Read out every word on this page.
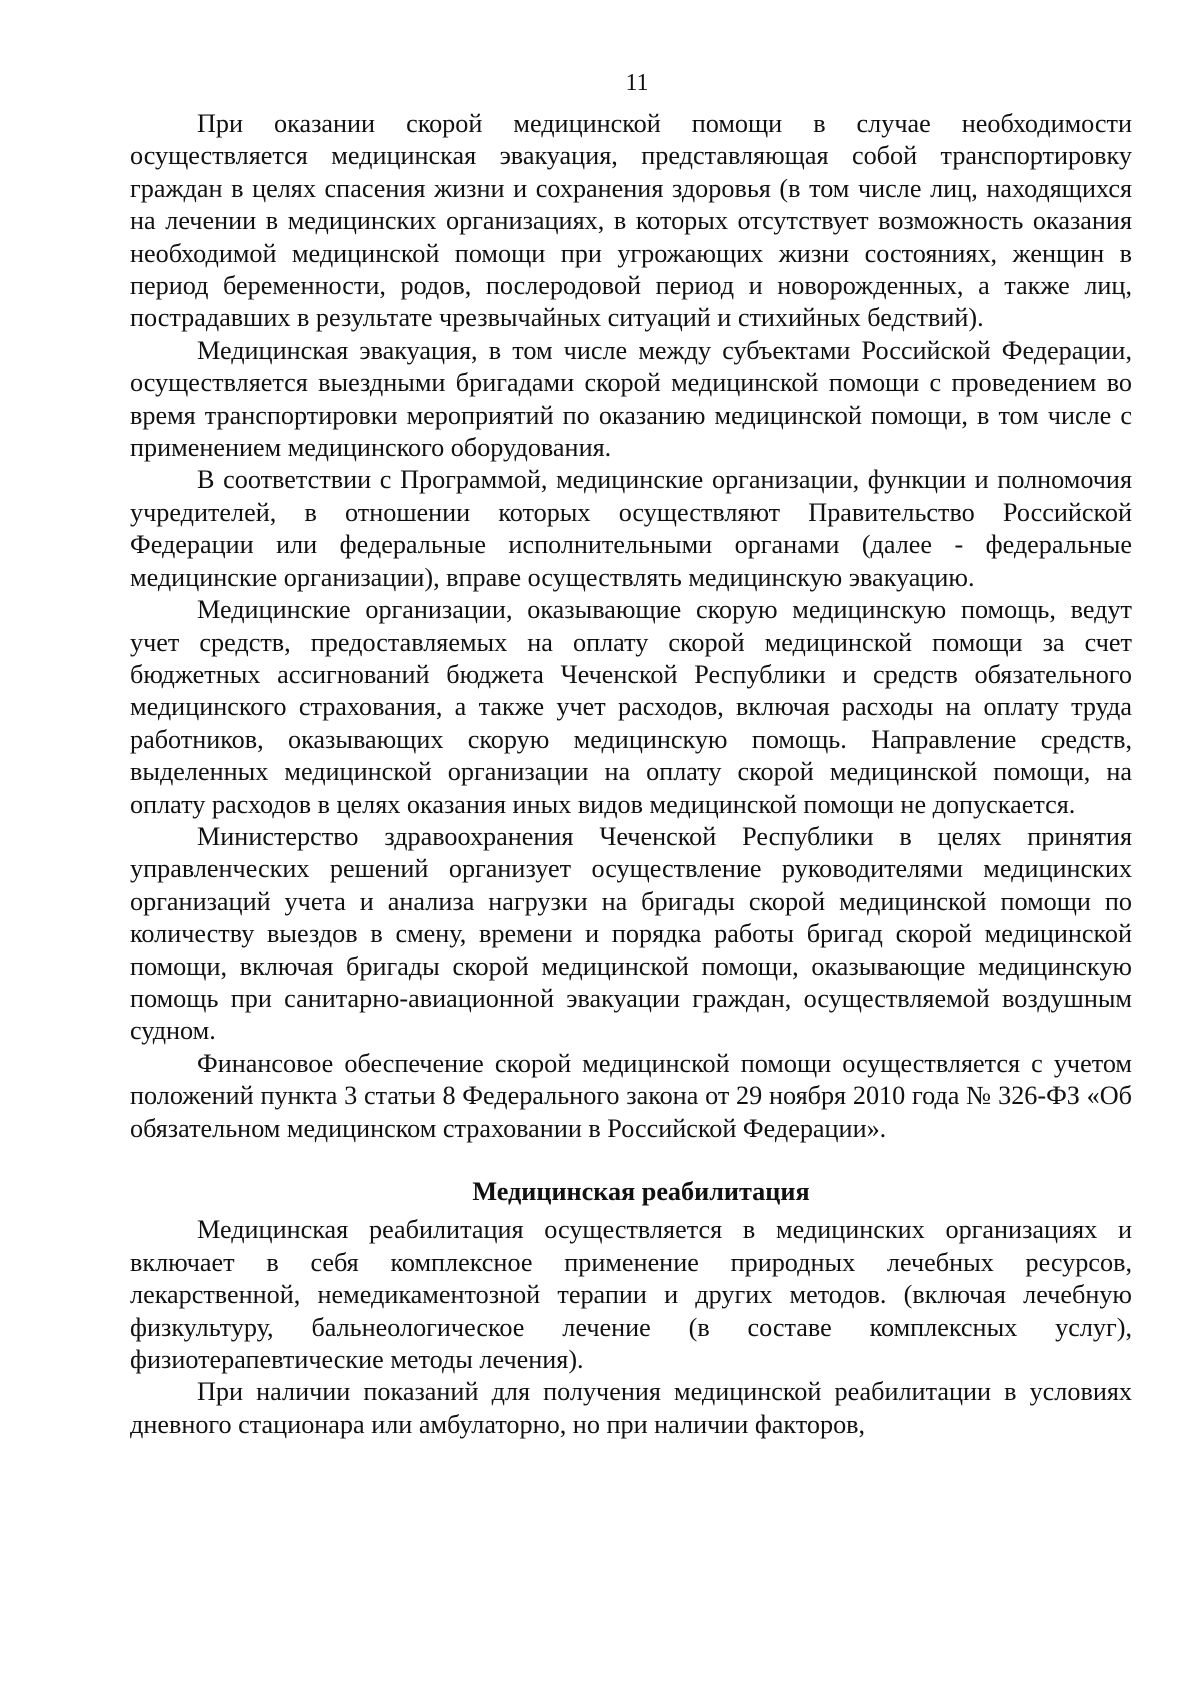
11

При оказании скорой медицинской помощи в случае необходимости осуществляется медицинская эвакуация, представляющая собой транспортировку граждан в целях спасения жизни и сохранения здоровья (в том числе лиц, находящихся на лечении в медицинских организациях, в которых отсутствует возможность оказания необходимой медицинской помощи при угрожающих жизни состояниях, женщин в период беременности, родов, послеродовой период и новорожденных, а также лиц, пострадавших в результате чрезвычайных ситуаций и стихийных бедствий).

Медицинская эвакуация, в том числе между субъектами Российской Федерации, осуществляется выездными бригадами скорой медицинской помощи с проведением во время транспортировки мероприятий по оказанию медицинской помощи, в том числе с применением медицинского оборудования.

В соответствии с Программой, медицинские организации, функции и полномочия учредителей, в отношении которых осуществляют Правительство Российской Федерации или федеральные исполнительными органами (далее - федеральные медицинские организации), вправе осуществлять медицинскую эвакуацию.

Медицинские организации, оказывающие скорую медицинскую помощь, ведут учет средств, предоставляемых на оплату скорой медицинской помощи за счет бюджетных ассигнований бюджета Чеченской Республики и средств обязательного медицинского страхования, а также учет расходов, включая расходы на оплату труда работников, оказывающих скорую медицинскую помощь. Направление средств, выделенных медицинской организации на оплату скорой медицинской помощи, на оплату расходов в целях оказания иных видов медицинской помощи не допускается.

Министерство здравоохранения Чеченской Республики в целях принятия управленческих решений организует осуществление руководителями медицинских организаций учета и анализа нагрузки на бригады скорой медицинской помощи по количеству выездов в смену, времени и порядка работы бригад скорой медицинской помощи, включая бригады скорой медицинской помощи, оказывающие медицинскую помощь при санитарно-авиационной эвакуации граждан, осуществляемой воздушным судном.

Финансовое обеспечение скорой медицинской помощи осуществляется с учетом положений пункта 3 статьи 8 Федерального закона от 29 ноября 2010 года № 326-ФЗ «Об обязательном медицинском страховании в Российской Федерации».

Медицинская реабилитация

Медицинская реабилитация осуществляется в медицинских организациях и включает в себя комплексное применение природных лечебных ресурсов, лекарственной, немедикаментозной терапии и других методов. (включая лечебную физкультуру, бальнеологическое лечение (в составе комплексных услуг), физиотерапевтические методы лечения).

При наличии показаний для получения медицинской реабилитации в условиях дневного стационара или амбулаторно, но при наличии факторов,
